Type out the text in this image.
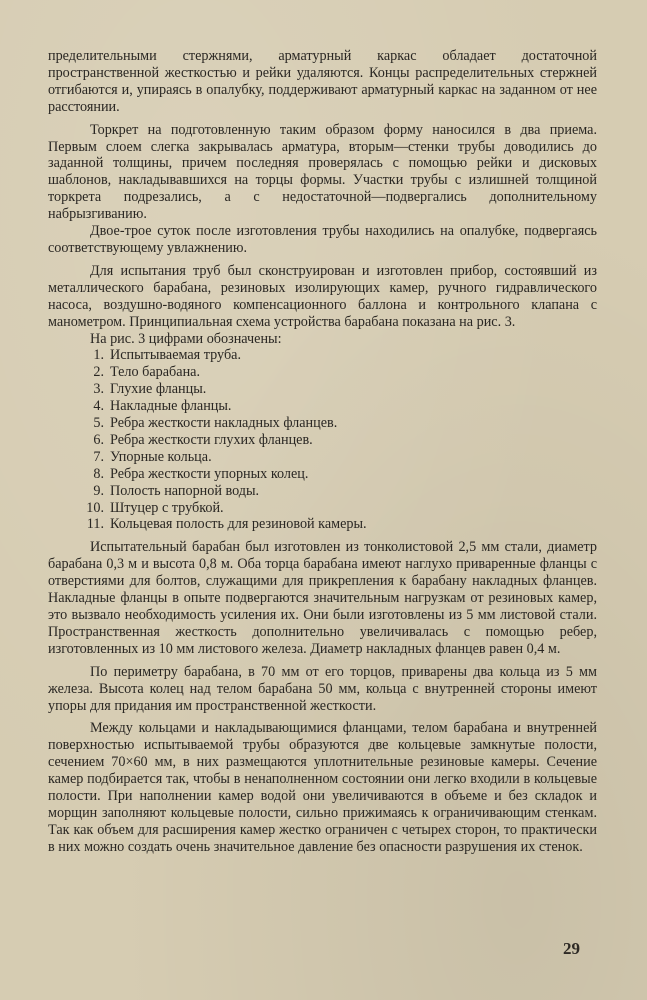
пределительными стержнями, арматурный каркас обладает достаточной пространственной жесткостью и рейки удаляются. Концы распределительных стержней отгибаются и, упираясь в опалубку, поддерживают арматурный каркас на заданном от нее расстоянии.

Торкрет на подготовленную таким образом форму наносился в два приема. Первым слоем слегка закрывалась арматура, вторым—стенки трубы доводились до заданной толщины, причем последняя проверялась с помощью рейки и дисковых шаблонов, накладывавшихся на торцы формы. Участки трубы с излишней толщиной торкрета подрезались, а с недостаточной—подвергались дополнительному набрызгиванию.

Двое-трое суток после изготовления трубы находились на опалубке, подвергаясь соответствующему увлажнению.

Для испытания труб был сконструирован и изготовлен прибор, состоявший из металлического барабана, резиновых изолирующих камер, ручного гидравлического насоса, воздушно-водяного компенсационного баллона и контрольного клапана с манометром. Принципиальная схема устройства барабана показана на рис. 3.

На рис. 3 цифрами обозначены:

1. Испытываемая труба.
2. Тело барабана.
3. Глухие фланцы.
4. Накладные фланцы.
5. Ребра жесткости накладных фланцев.
6. Ребра жесткости глухих фланцев.
7. Упорные кольца.
8. Ребра жесткости упорных колец.
9. Полость напорной воды.
10. Штуцер с трубкой.
11. Кольцевая полость для резиновой камеры.

Испытательный барабан был изготовлен из тонколистовой 2,5 мм стали, диаметр барабана 0,3 м и высота 0,8 м. Оба торца барабана имеют наглухо приваренные фланцы с отверстиями для болтов, служащими для прикрепления к барабану накладных фланцев. Накладные фланцы в опыте подвергаются значительным нагрузкам от резиновых камер, это вызвало необходимость усиления их. Они были изготовлены из 5 мм листовой стали. Пространственная жесткость дополнительно увеличивалась с помощью ребер, изготовленных из 10 мм листового железа. Диаметр накладных фланцев равен 0,4 м.

По периметру барабана, в 70 мм от его торцов, приварены два кольца из 5 мм железа. Высота колец над телом барабана 50 мм, кольца с внутренней стороны имеют упоры для придания им пространственной жесткости.

Между кольцами и накладывающимися фланцами, телом барабана и внутренней поверхностью испытываемой трубы образуются две кольцевые замкнутые полости, сечением 70×60 мм, в них размещаются уплотнительные резиновые камеры. Сечение камер подбирается так, чтобы в ненаполненном состоянии они легко входили в кольцевые полости. При наполнении камер водой они увеличиваются в объеме и без складок и морщин заполняют кольцевые полости, сильно прижимаясь к ограничивающим стенкам. Так как объем для расширения камер жестко ограничен с четырех сторон, то практически в них можно создать очень значительное давление без опасности разрушения их стенок.

29
